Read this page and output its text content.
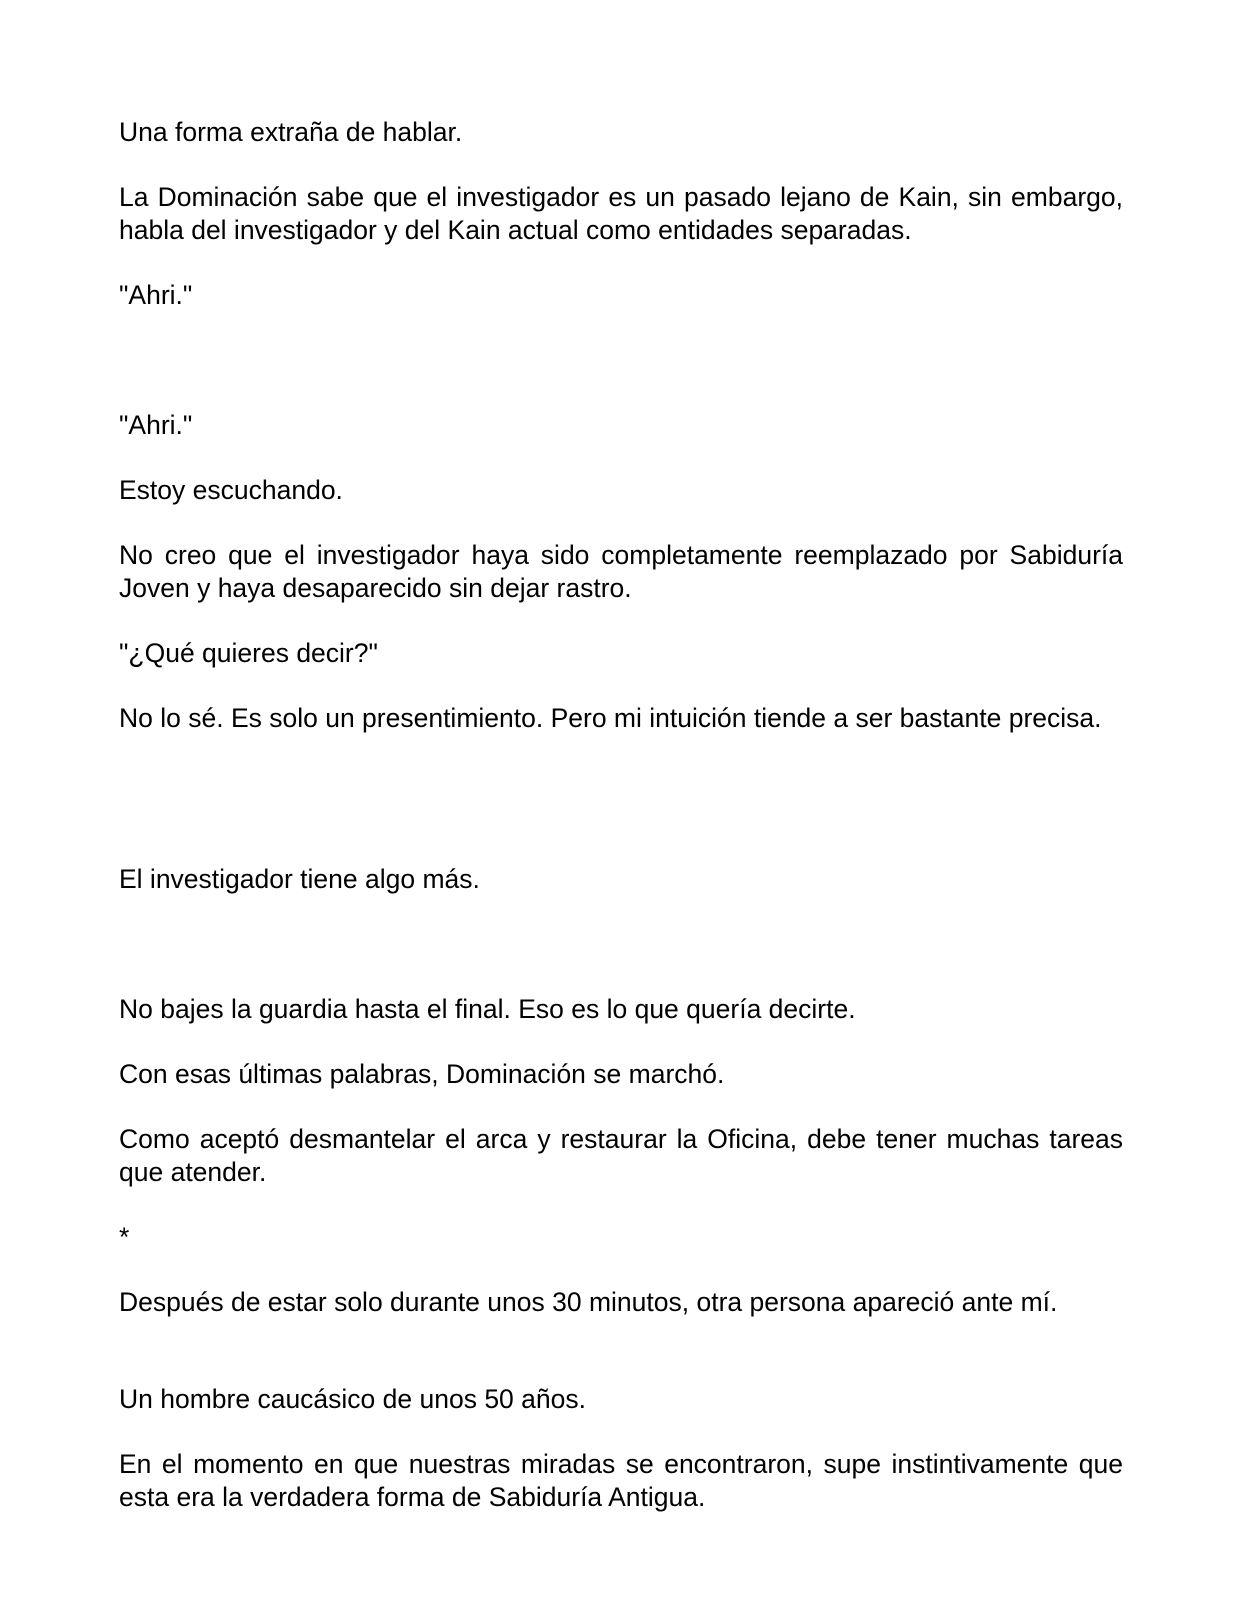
Una forma extraña de hablar.

La Dominación sabe que el investigador es un pasado lejano de Kain, sin embargo, habla del investigador y del Kain actual como entidades separadas.

"Ahri."

"Ahri."

Estoy escuchando.

No creo que el investigador haya sido completamente reemplazado por Sabiduría Joven y haya desaparecido sin dejar rastro.

"¿Qué quieres decir?"

No lo sé. Es solo un presentimiento. Pero mi intuición tiende a ser bastante precisa.

El investigador tiene algo más.

No bajes la guardia hasta el final. Eso es lo que quería decirte.

Con esas últimas palabras, Dominación se marchó.

Como aceptó desmantelar el arca y restaurar la Oficina, debe tener muchas tareas que atender.

*

Después de estar solo durante unos 30 minutos, otra persona apareció ante mí.

Un hombre caucásico de unos 50 años.

En el momento en que nuestras miradas se encontraron, supe instintivamente que esta era la verdadera forma de Sabiduría Antigua.
